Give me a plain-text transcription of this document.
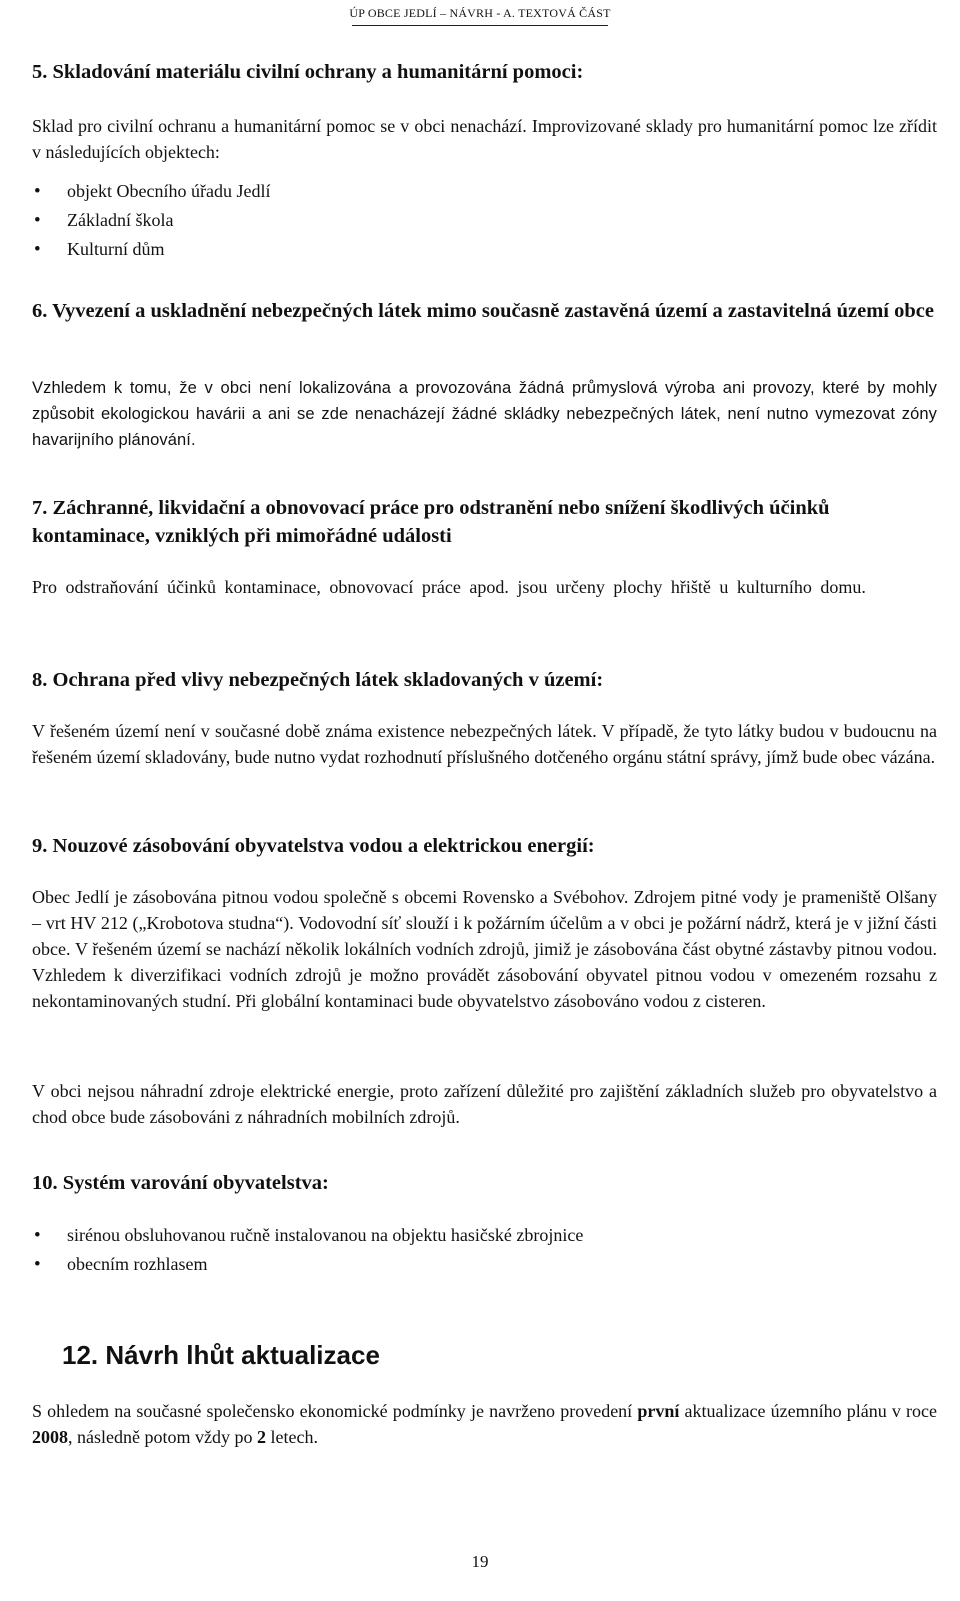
ÚP OBCE JEDLÍ – NÁVRH - A. TEXTOVÁ ČÁST
5. Skladování materiálu civilní ochrany a humanitární pomoci:

Sklad pro civilní ochranu a humanitární pomoc se v obci nenachází. Improvizované sklady pro humanitární pomoc lze zřídit v následujících objektech:

• objekt Obecního úřadu Jedlí
• Základní škola
• Kulturní dům
6. Vyvezení a uskladnění nebezpečných látek mimo současně zastavěná území a zastavitelná území obce

Vzhledem k tomu, že v obci není lokalizována a provozována žádná průmyslová výroba ani provozy, které by mohly způsobit ekologickou havárii a ani se zde nenacházejí žádné skládky nebezpečných látek, není nutno vymezovat zóny havarijního plánování.

7. Záchranné, likvidační a obnovovací práce pro odstranění nebo snížení škodlivých účinků kontaminace, vzniklých při mimořádné události

Pro odstraňování účinků kontaminace, obnovovací práce apod. jsou určeny plochy hřiště u kulturního domu.

8. Ochrana před vlivy nebezpečných látek skladovaných v území:

V řešeném území není v současné době známa existence nebezpečných látek. V případě, že tyto látky budou v budoucnu na řešeném území skladovány, bude nutno vydat rozhodnutí příslušného dotčeného orgánu státní správy, jímž bude obec vázána.

9. Nouzové zásobování obyvatelstva vodou a elektrickou energií:

Obec Jedlí je zásobována pitnou vodou společně s obcemi Rovensko a Svébohov. Zdrojem pitné vody je prameniště Olšany – vrt HV 212 („Krobotova studna“). Vodovodní síť slouží i k požárním účelům a v obci je požární nádrž, která je v jižní části obce. V řešeném území se nachází několik lokálních vodních zdrojů, jimiž je zásobována část obytné zástavby pitnou vodou. Vzhledem k diverzifikaci vodních zdrojů je možno provádět zásobování obyvatel pitnou vodou v omezeném rozsahu z nekontaminovaných studní. Při globální kontaminaci bude obyvatelstvo zásobováno vodou z cisteren.

V obci nejsou náhradní zdroje elektrické energie, proto zařízení důležité pro zajištění základních služeb pro obyvatelstvo a chod obce bude zásobováni z náhradních mobilních zdrojů.

10. Systém varování obyvatelstva:
• sirénou obsluhovanou ručně instalovanou na objektu hasičské zbrojnice
• obecním rozhlasem
12. Návrh lhůt aktualizace

S ohledem na současné společensko ekonomické podmínky je navrženo provedení první aktualizace územního plánu v roce 2008, následně potom vždy po 2 letech.

19
